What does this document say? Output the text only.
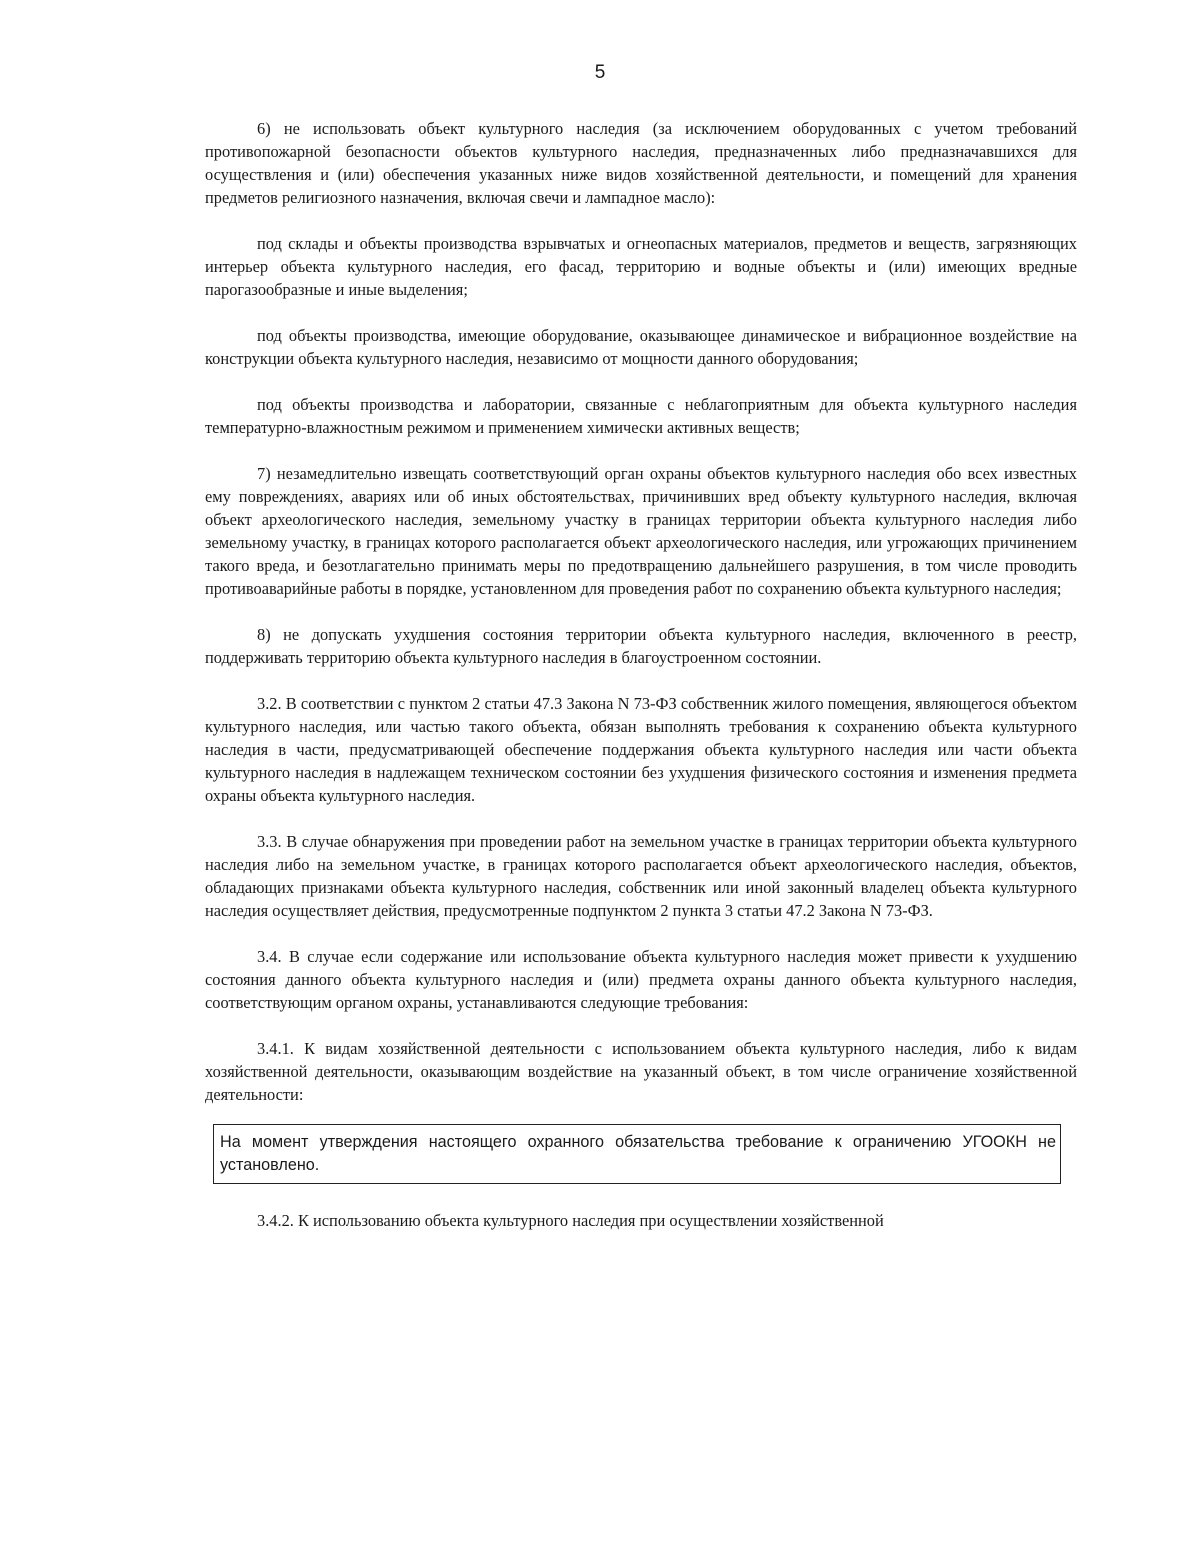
5

6) не использовать объект культурного наследия (за исключением оборудованных с учетом требований противопожарной безопасности объектов культурного наследия, предназначенных либо предназначавшихся для осуществления и (или) обеспечения указанных ниже видов хозяйственной деятельности, и помещений для хранения предметов религиозного назначения, включая свечи и лампадное масло):

под склады и объекты производства взрывчатых и огнеопасных материалов, предметов и веществ, загрязняющих интерьер объекта культурного наследия, его фасад, территорию и водные объекты и (или) имеющих вредные парогазообразные и иные выделения;

под объекты производства, имеющие оборудование, оказывающее динамическое и вибрационное воздействие на конструкции объекта культурного наследия, независимо от мощности данного оборудования;

под объекты производства и лаборатории, связанные с неблагоприятным для объекта культурного наследия температурно-влажностным режимом и применением химически активных веществ;

7) незамедлительно извещать соответствующий орган охраны объектов культурного наследия обо всех известных ему повреждениях, авариях или об иных обстоятельствах, причинивших вред объекту культурного наследия, включая объект археологического наследия, земельному участку в границах территории объекта культурного наследия либо земельному участку, в границах которого располагается объект археологического наследия, или угрожающих причинением такого вреда, и безотлагательно принимать меры по предотвращению дальнейшего разрушения, в том числе проводить противоаварийные работы в порядке, установленном для проведения работ по сохранению объекта культурного наследия;

8) не допускать ухудшения состояния территории объекта культурного наследия, включенного в реестр, поддерживать территорию объекта культурного наследия в благоустроенном состоянии.

3.2. В соответствии с пунктом 2 статьи 47.3 Закона N 73-ФЗ собственник жилого помещения, являющегося объектом культурного наследия, или частью такого объекта, обязан выполнять требования к сохранению объекта культурного наследия в части, предусматривающей обеспечение поддержания объекта культурного наследия или части объекта культурного наследия в надлежащем техническом состоянии без ухудшения физического состояния и изменения предмета охраны объекта культурного наследия.

3.3. В случае обнаружения при проведении работ на земельном участке в границах территории объекта культурного наследия либо на земельном участке, в границах которого располагается объект археологического наследия, объектов, обладающих признаками объекта культурного наследия, собственник или иной законный владелец объекта культурного наследия осуществляет действия, предусмотренные подпунктом 2 пункта 3 статьи 47.2 Закона N 73-ФЗ.

3.4. В случае если содержание или использование объекта культурного наследия может привести к ухудшению состояния данного объекта культурного наследия и (или) предмета охраны данного объекта культурного наследия, соответствующим органом охраны, устанавливаются следующие требования:

3.4.1. К видам хозяйственной деятельности с использованием объекта культурного наследия, либо к видам хозяйственной деятельности, оказывающим воздействие на указанный объект, в том числе ограничение хозяйственной деятельности:

На момент утверждения настоящего охранного обязательства требование к ограничению УГООКН не установлено.

3.4.2. К использованию объекта культурного наследия при осуществлении хозяйственной
